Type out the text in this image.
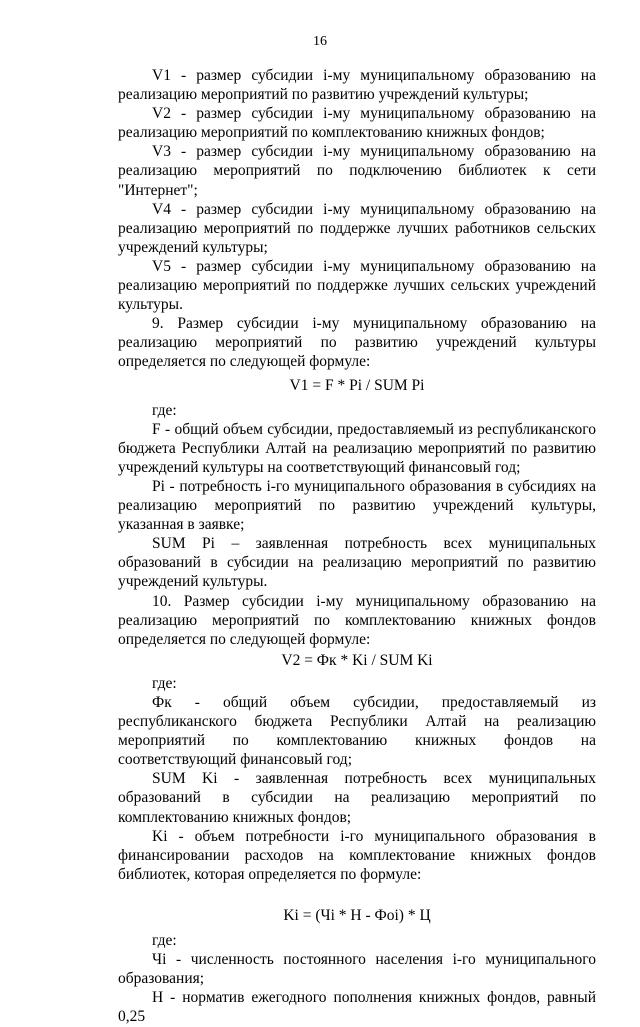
16

V1 - размер субсидии i-му муниципальному образованию на реализацию мероприятий по развитию учреждений культуры;

V2 - размер субсидии i-му муниципальному образованию на реализацию мероприятий по комплектованию книжных фондов;

V3 - размер субсидии i-му муниципальному образованию на реализацию мероприятий по подключению библиотек к сети "Интернет";

V4 - размер субсидии i-му муниципальному образованию на реализацию мероприятий по поддержке лучших работников сельских учреждений культуры;

V5 - размер субсидии i-му муниципальному образованию на реализацию мероприятий по поддержке лучших сельских учреждений культуры.

9. Размер субсидии i-му муниципальному образованию на реализацию мероприятий по развитию учреждений культуры определяется по следующей формуле:

V1 = F * Pi / SUM Pi

где:

F - общий объем субсидии, предоставляемый из республиканского бюджета Республики Алтай на реализацию мероприятий по развитию учреждений культуры на соответствующий финансовый год;

Pi - потребность i-го муниципального образования в субсидиях на реализацию мероприятий по развитию учреждений культуры, указанная в заявке;

SUM Pi – заявленная потребность всех муниципальных образований в субсидии на реализацию мероприятий по развитию учреждений культуры.

10. Размер субсидии i-му муниципальному образованию на реализацию мероприятий по комплектованию книжных фондов определяется по следующей формуле:

V2 = Фк * Ki / SUM Ki

где:

Фк - общий объем субсидии, предоставляемый из республиканского бюджета Республики Алтай на реализацию мероприятий по комплектованию книжных фондов на соответствующий финансовый год;

SUM Ki - заявленная потребность всех муниципальных образований в субсидии на реализацию мероприятий по комплектованию книжных фондов;

Ki - объем потребности i-го муниципального образования в финансировании расходов на комплектование книжных фондов библиотек, которая определяется по формуле:

Ki = (Чi * Н - Фоi) * Ц

где:

Чi - численность постоянного населения i-го муниципального образования;

Н - норматив ежегодного пополнения книжных фондов, равный 0,25
